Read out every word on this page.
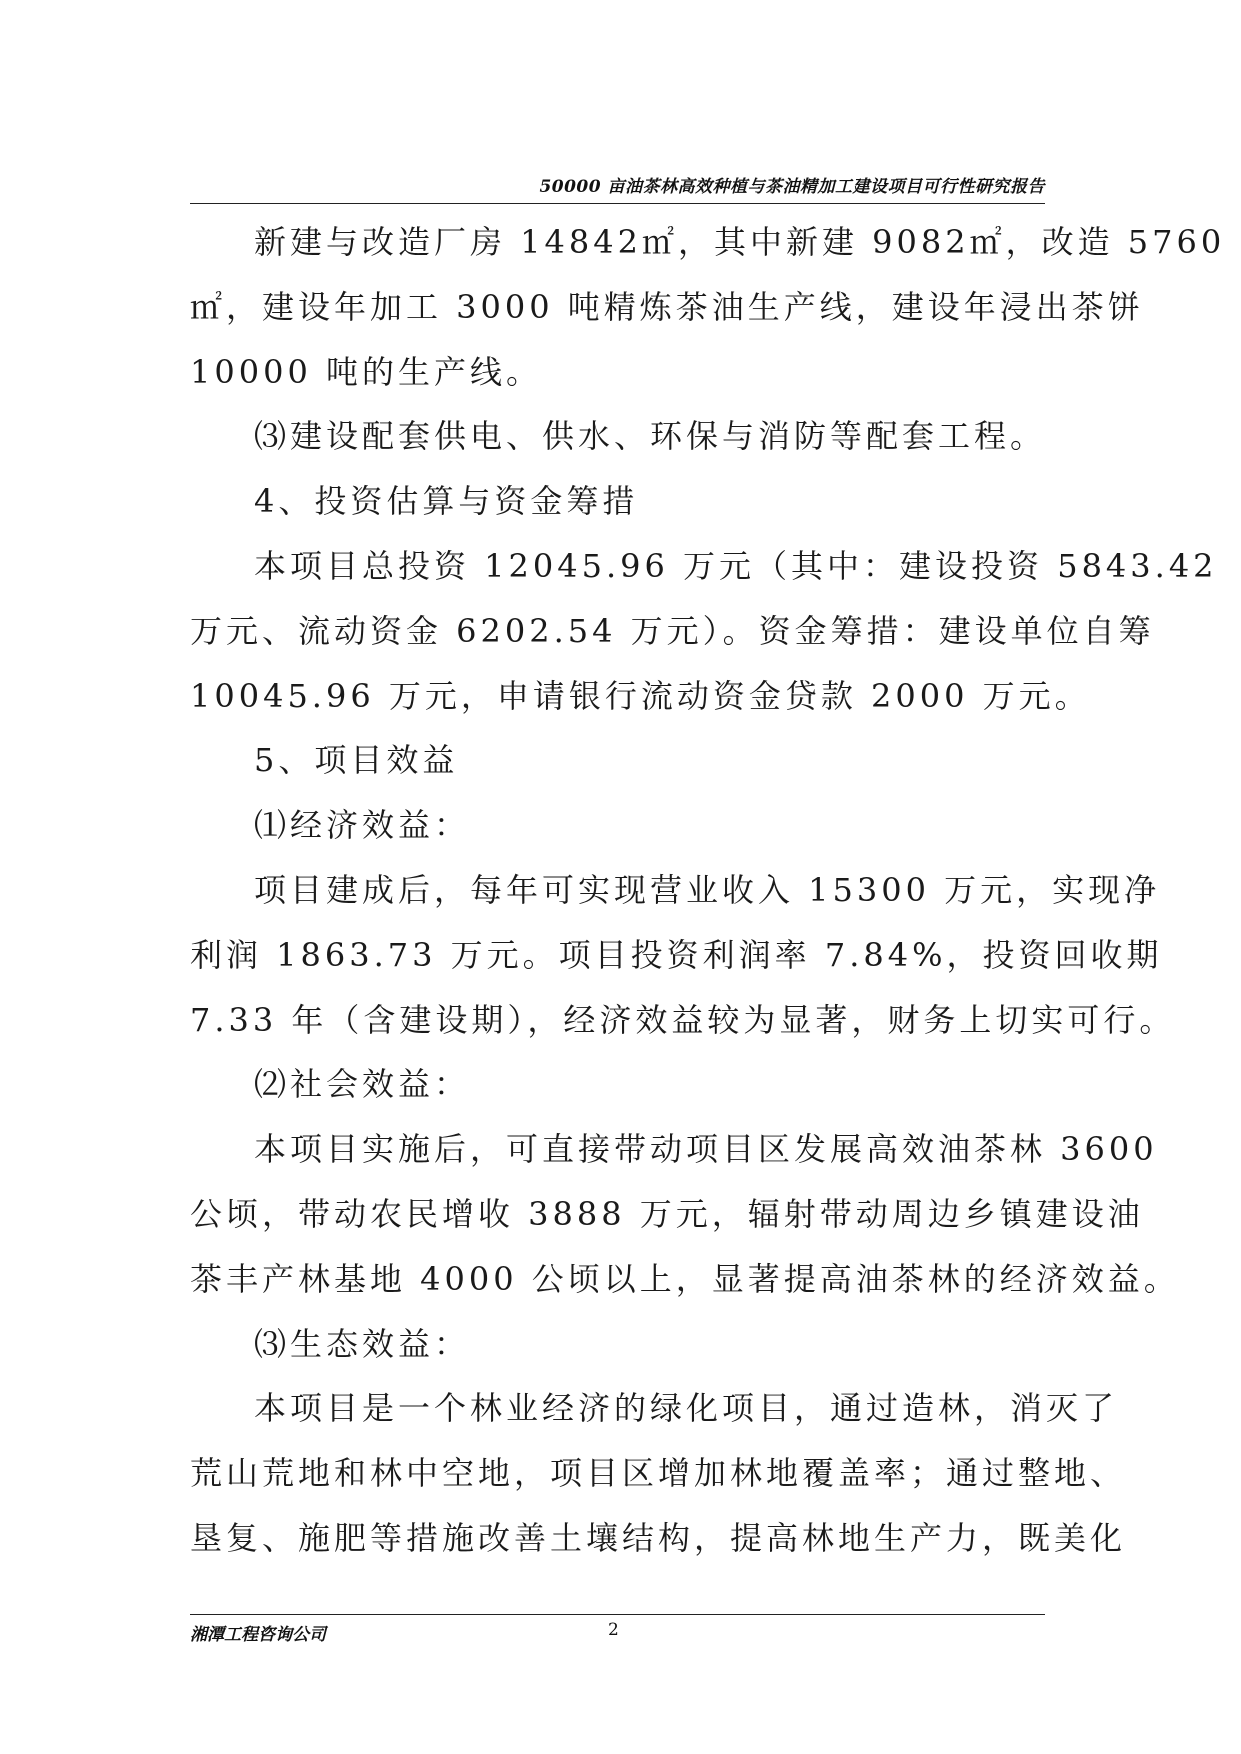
50000 亩油茶林高效种植与茶油精加工建设项目可行性研究报告
新建与改造厂房 14842㎡，其中新建 9082㎡，改造 5760
㎡，建设年加工 3000 吨精炼茶油生产线，建设年浸出茶饼
10000 吨的生产线。
⑶建设配套供电、供水、环保与消防等配套工程。
4、投资估算与资金筹措
本项目总投资 12045.96 万元（其中：建设投资 5843.42
万元、流动资金 6202.54 万元）。资金筹措：建设单位自筹
10045.96 万元，申请银行流动资金贷款 2000 万元。
5、项目效益
⑴经济效益：
项目建成后，每年可实现营业收入 15300 万元，实现净
利润 1863.73 万元。项目投资利润率 7.84%，投资回收期
7.33 年（含建设期），经济效益较为显著，财务上切实可行。
⑵社会效益：
本项目实施后，可直接带动项目区发展高效油茶林 3600
公顷，带动农民增收 3888 万元，辐射带动周边乡镇建设油
茶丰产林基地 4000 公顷以上，显著提高油茶林的经济效益。
⑶生态效益：
本项目是一个林业经济的绿化项目，通过造林，消灭了
荒山荒地和林中空地，项目区增加林地覆盖率；通过整地、
垦复、施肥等措施改善土壤结构，提高林地生产力，既美化
湘潭工程咨询公司	2
